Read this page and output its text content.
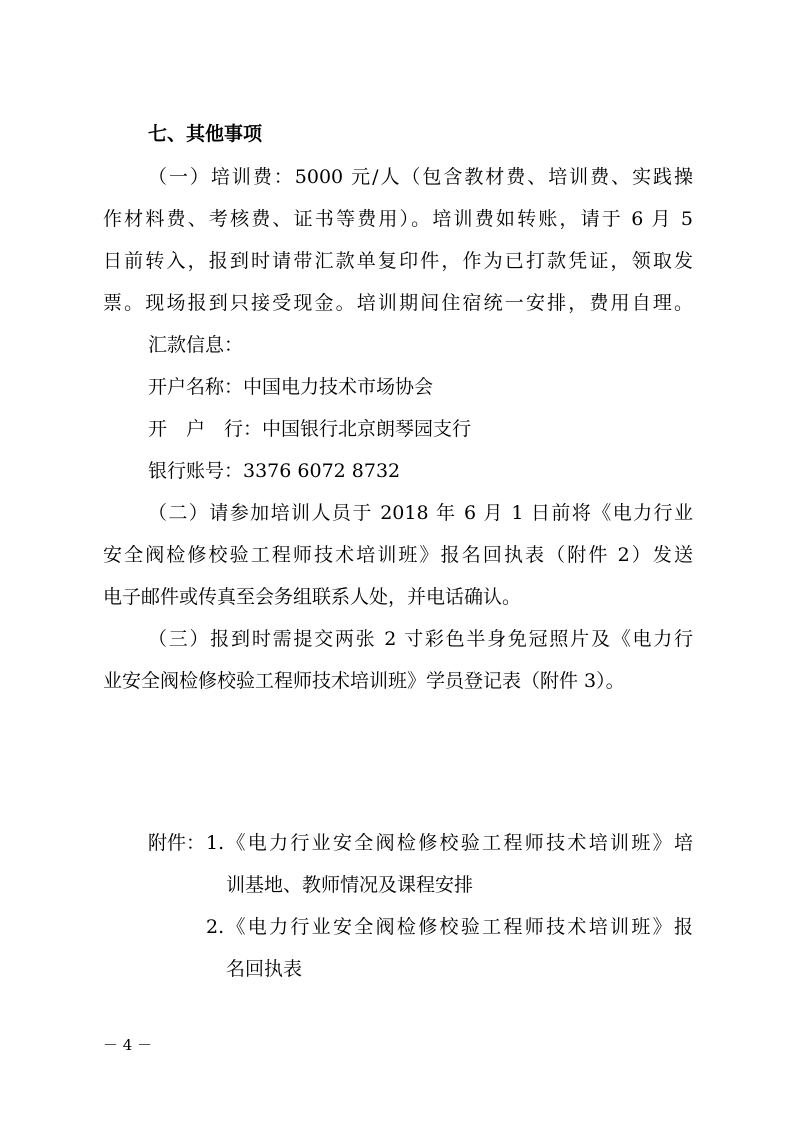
七、其他事项
（一）培训费：5000 元/人（包含教材费、培训费、实践操
作材料费、考核费、证书等费用）。培训费如转账，请于 6 月 5
日前转入，报到时请带汇款单复印件，作为已打款凭证，领取发
票。现场报到只接受现金。培训期间住宿统一安排，费用自理。
汇款信息：
开户名称：中国电力技术市场协会
开　户　行：中国银行北京朗琴园支行
银行账号：3376 6072 8732
（二）请参加培训人员于 2018 年 6 月 1 日前将《电力行业
安全阀检修校验工程师技术培训班》报名回执表（附件 2）发送
电子邮件或传真至会务组联系人处，并电话确认。
（三）报到时需提交两张 2 寸彩色半身免冠照片及《电力行
业安全阀检修校验工程师技术培训班》学员登记表（附件 3）。
附件： 1.《电力行业安全阀检修校验工程师技术培训班》培
训基地、教师情况及课程安排
2.《电力行业安全阀检修校验工程师技术培训班》报
名回执表
－ 4 －
